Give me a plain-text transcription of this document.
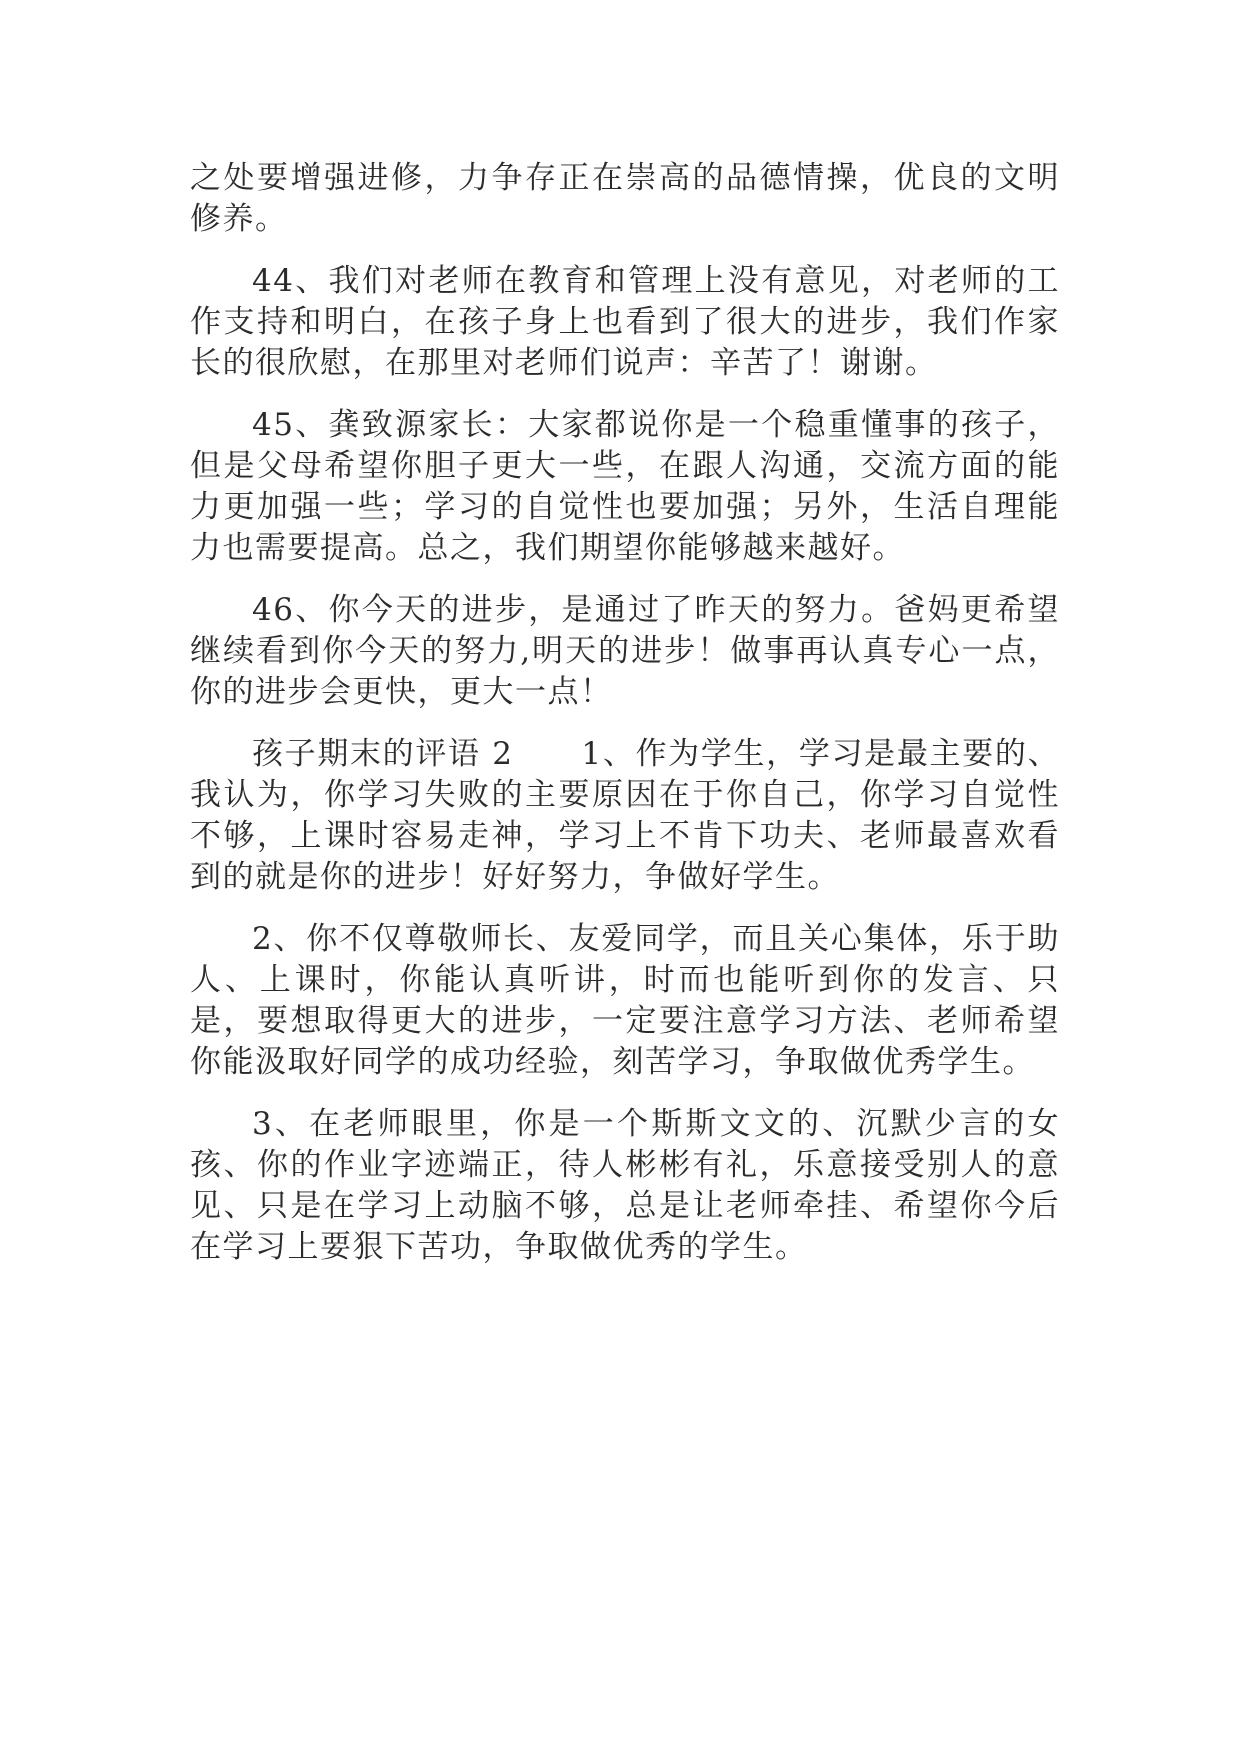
之处要增强进修，力争存正在崇高的品德情操，优良的文明修养。

44、我们对老师在教育和管理上没有意见，对老师的工作支持和明白，在孩子身上也看到了很大的进步，我们作家长的很欣慰，在那里对老师们说声：辛苦了！谢谢。

45、龚致源家长：大家都说你是一个稳重懂事的孩子，但是父母希望你胆子更大一些，在跟人沟通，交流方面的能力更加强一些；学习的自觉性也要加强；另外，生活自理能力也需要提高。总之，我们期望你能够越来越好。

46、你今天的进步，是通过了昨天的努力。爸妈更希望继续看到你今天的努力,明天的进步！做事再认真专心一点，你的进步会更快，更大一点！

孩子期末的评语 2 1、作为学生，学习是最主要的、我认为，你学习失败的主要原因在于你自己，你学习自觉性不够，上课时容易走神，学习上不肯下功夫、老师最喜欢看到的就是你的进步！好好努力，争做好学生。

2、你不仅尊敬师长、友爱同学，而且关心集体，乐于助人、上课时，你能认真听讲，时而也能听到你的发言、只是，要想取得更大的进步，一定要注意学习方法、老师希望你能汲取好同学的成功经验，刻苦学习，争取做优秀学生。

3、在老师眼里，你是一个斯斯文文的、沉默少言的女孩、你的作业字迹端正，待人彬彬有礼，乐意接受别人的意见、只是在学习上动脑不够，总是让老师牵挂、希望你今后在学习上要狠下苦功，争取做优秀的学生。
